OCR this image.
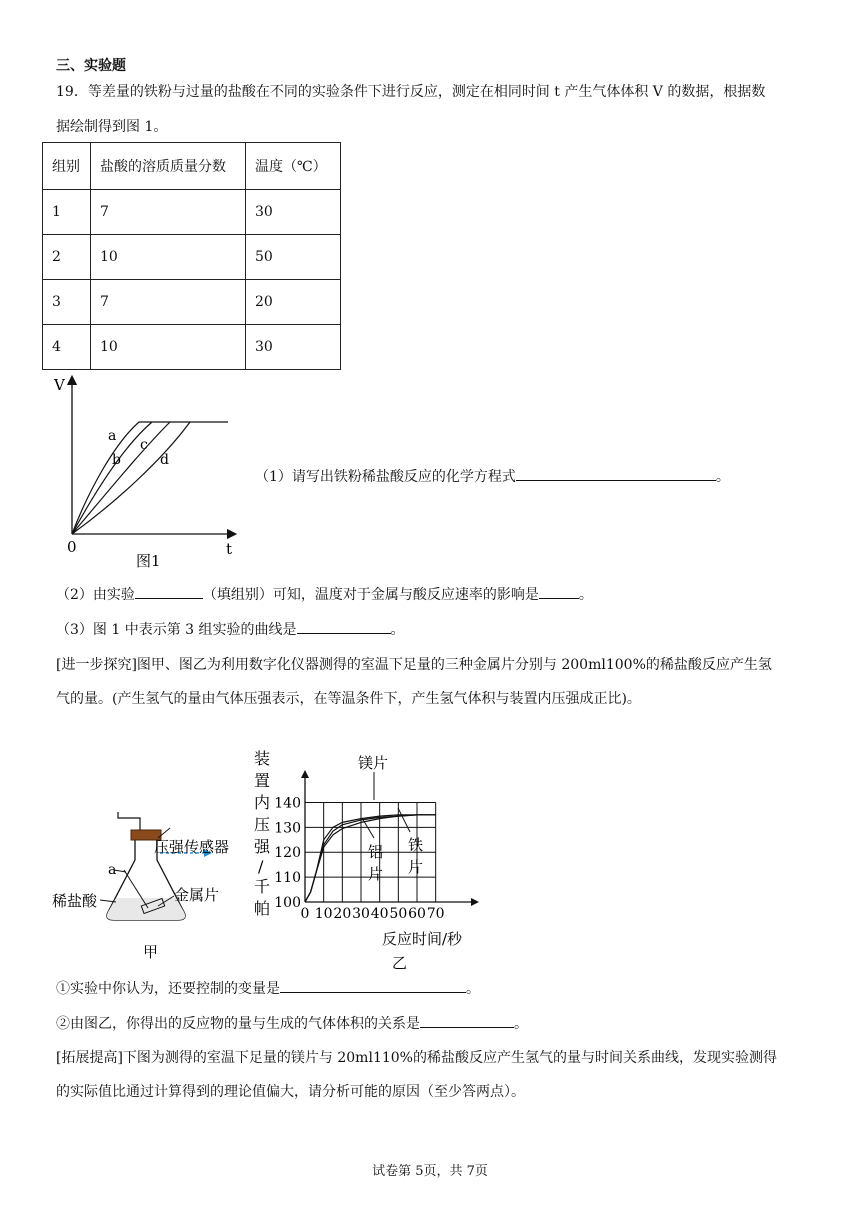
三、实验题
19．等差量的铁粉与过量的盐酸在不同的实验条件下进行反应，测定在相同时间 t 产生气体体积 V 的数据，根据数
据绘制得到图 1。
组别	盐酸的溶质质量分数	温度（℃）
1	7	30
2	10	50
3	7	20
4	10	30
V
t
0
图1
a
b
c
d
（1）请写出铁粉稀盐酸反应的化学方程式	。
（2）由实验	（填组别）可知，温度对于金属与酸反应速率的影响是	。
（3）图 1 中表示第 3 组实验的曲线是	。
[进一步探究]图甲、图乙为利用数字化仪器测得的室温下足量的三种金属片分别与 200ml100%的稀盐酸反应产生氢
气的量。(产生氢气的量由气体压强表示，在等温条件下，产生氢气体积与装置内压强成正比)。
压强传感器
a
稀盐酸	金属片
甲
装
置
内
压
强
/
千
帕 0 10 20 30 40 50 60 70
100
110
120
130
140
镁片
铝
片
铁
片
反应时间/秒
乙
①实验中你认为，还要控制的变量是	。
②由图乙，你得出的反应物的量与生成的气体体积的关系是	。
[拓展提高]下图为测得的室温下足量的镁片与 20ml110%的稀盐酸反应产生氢气的量与时间关系曲线，发现实验测得
的实际值比通过计算得到的理论值偏大，请分析可能的原因（至少答两点）。
试卷第 5页，共 7页
